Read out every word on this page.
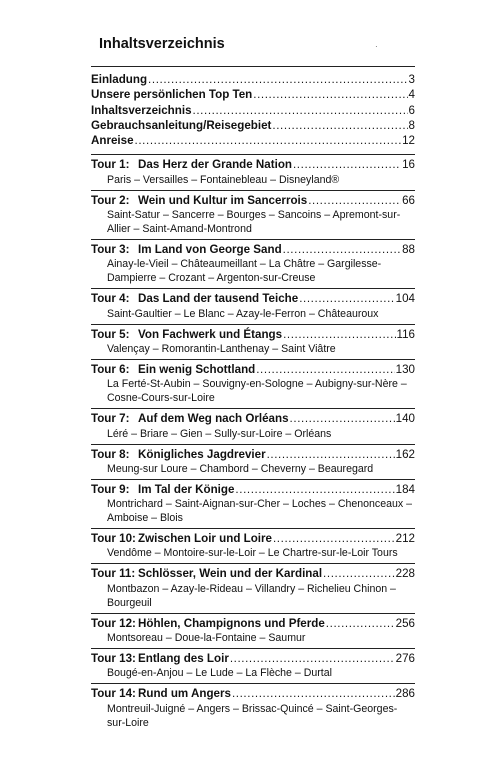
Inhaltsverzeichnis
Einladung .....	3
Unsere persönlichen Top Ten .....	4
Inhaltsverzeichnis .....	6
Gebrauchsanleitung/Reisegebiet .....	8
Anreise .....	12
Tour 1: Das Herz der Grande Nation .....	16
Paris – Versailles – Fontainebleau – Disneyland®
Tour 2: Wein und Kultur im Sancerrois .....	66
Saint-Satur – Sancerre – Bourges – Sancoins – Apremont-sur-Allier – Saint-Amand-Montrond
Tour 3: Im Land von George Sand .....	88
Ainay-le-Vieil – Châteaumeillant – La Châtre – Gargilesse-Dampierre – Crozant – Argenton-sur-Creuse
Tour 4: Das Land der tausend Teiche .....	104
Saint-Gaultier – Le Blanc – Azay-le-Ferron – Châteauroux
Tour 5: Von Fachwerk und Étangs .....	116
Valençay – Romorantin-Lanthenay – Saint Viâtre
Tour 6: Ein wenig Schottland .....	130
La Ferté-St-Aubin – Souvigny-en-Sologne – Aubigny-sur-Nère – Cosne-Cours-sur-Loire
Tour 7: Auf dem Weg nach Orléans .....	140
Léré – Briare – Gien – Sully-sur-Loire – Orléans
Tour 8: Königliches Jagdrevier .....	162
Meung-sur Loure – Chambord – Cheverny – Beauregard
Tour 9: Im Tal der Könige .....	184
Montrichard – Saint-Aignan-sur-Cher – Loches – Chenonceaux – Amboise – Blois
Tour 10: Zwischen Loir und Loire .....	212
Vendôme – Montoire-sur-le-Loir – Le Chartre-sur-le-Loir Tours
Tour 11: Schlösser, Wein und der Kardinal .....	228
Montbazon – Azay-le-Rideau – Villandry – Richelieu Chinon – Bourgeuil
Tour 12: Höhlen, Champignons und Pferde .....	256
Montsoreau – Doue-la-Fontaine – Saumur
Tour 13: Entlang des Loir .....	276
Bougé-en-Anjou – Le Lude – La Flèche – Durtal
Tour 14: Rund um Angers .....	286
Montreuil-Juigné – Angers – Brissac-Quincé – Saint-Georges-sur-Loire
·
